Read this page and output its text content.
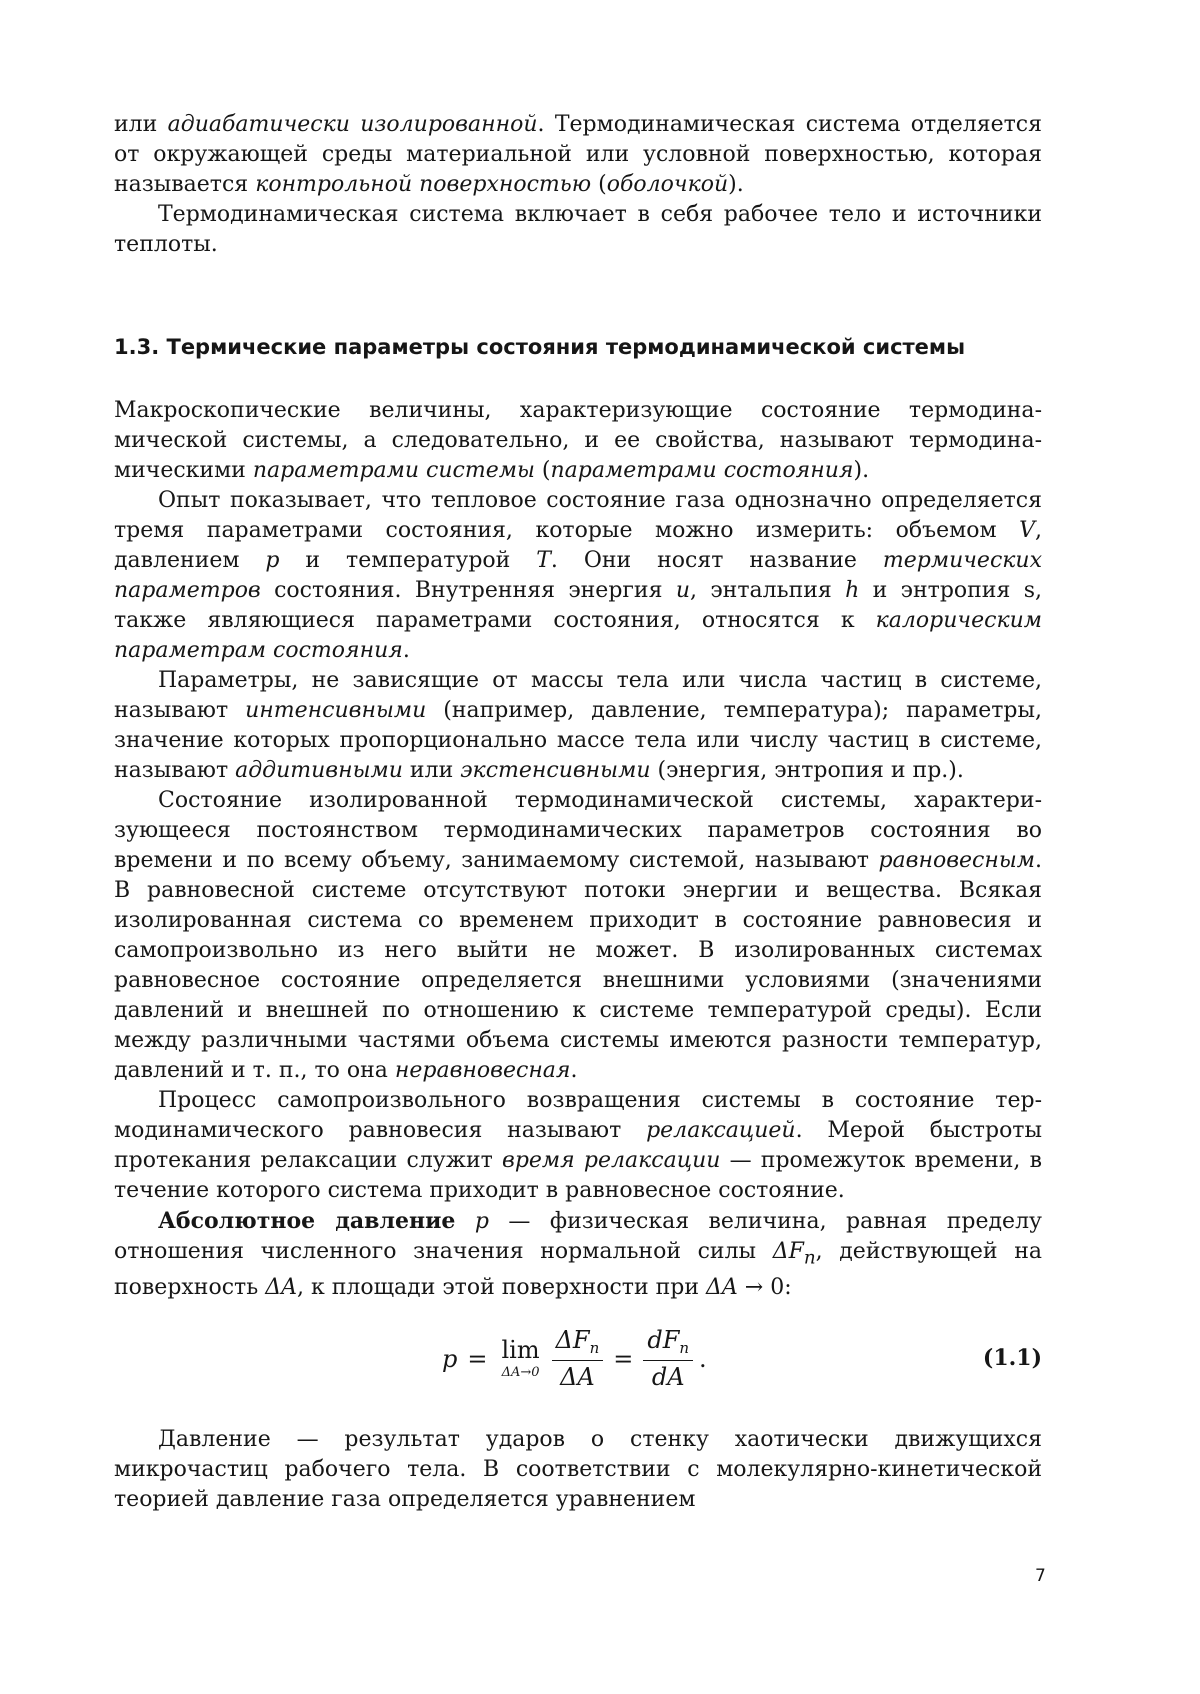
или адиабатически изолированной. Термодинамическая система отделяется от окружающей среды материальной или условной поверхностью, которая называется контрольной поверхностью (оболочкой).

Термодинамическая система включает в себя рабочее тело и источники теплоты.

1.3. Термические параметры состояния термодинамической системы

Макроскопические величины, характеризующие состояние термодинамической системы, а следовательно, и ее свойства, называют термодинамическими параметрами системы (параметрами состояния).

Опыт показывает, что тепловое состояние газа однозначно определяется тремя параметрами состояния, которые можно измерить: объемом V, давлением p и температурой T. Они носят название термических параметров состояния. Внутренняя энергия u, энтальпия h и энтропия s, также являющиеся параметрами состояния, относятся к калорическим параметрам состояния.

Параметры, не зависящие от массы тела или числа частиц в системе, называют интенсивными (например, давление, температура); параметры, значение которых пропорционально массе тела или числу частиц в системе, называют аддитивными или экстенсивными (энергия, энтропия и пр.).

Состояние изолированной термодинамической системы, характеризующееся постоянством термодинамических параметров состояния во времени и по всему объему, занимаемому системой, называют равновесным. В равновесной системе отсутствуют потоки энергии и вещества. Всякая изолированная система со временем приходит в состояние равновесия и самопроизвольно из него выйти не может. В изолированных системах равновесное состояние определяется внешними условиями (значениями давлений и внешней по отношению к системе температурой среды). Если между различными частями объема системы имеются разности температур, давлений и т. п., то она неравновесная.

Процесс самопроизвольного возвращения системы в состояние термодинамического равновесия называют релаксацией. Мерой быстроты протекания релаксации служит время релаксации — промежуток времени, в течение которого система приходит в равновесное состояние.

Абсолютное давление p — физическая величина, равная пределу отношения численного значения нормальной силы $\Delta F_n$, действующей на поверхность ΔA, к площади этой поверхности при ΔA → 0:

p = lim
$\Delta A\to 0 \frac{\Delta F_n}{\Delta A} = \frac{dF_n}{dA}$ .	(1.1)

Давление — результат ударов о стенку хаотически движущихся микрочастиц рабочего тела. В соответствии с молекулярно-кинетической теорией давление газа определяется уравнением

7
